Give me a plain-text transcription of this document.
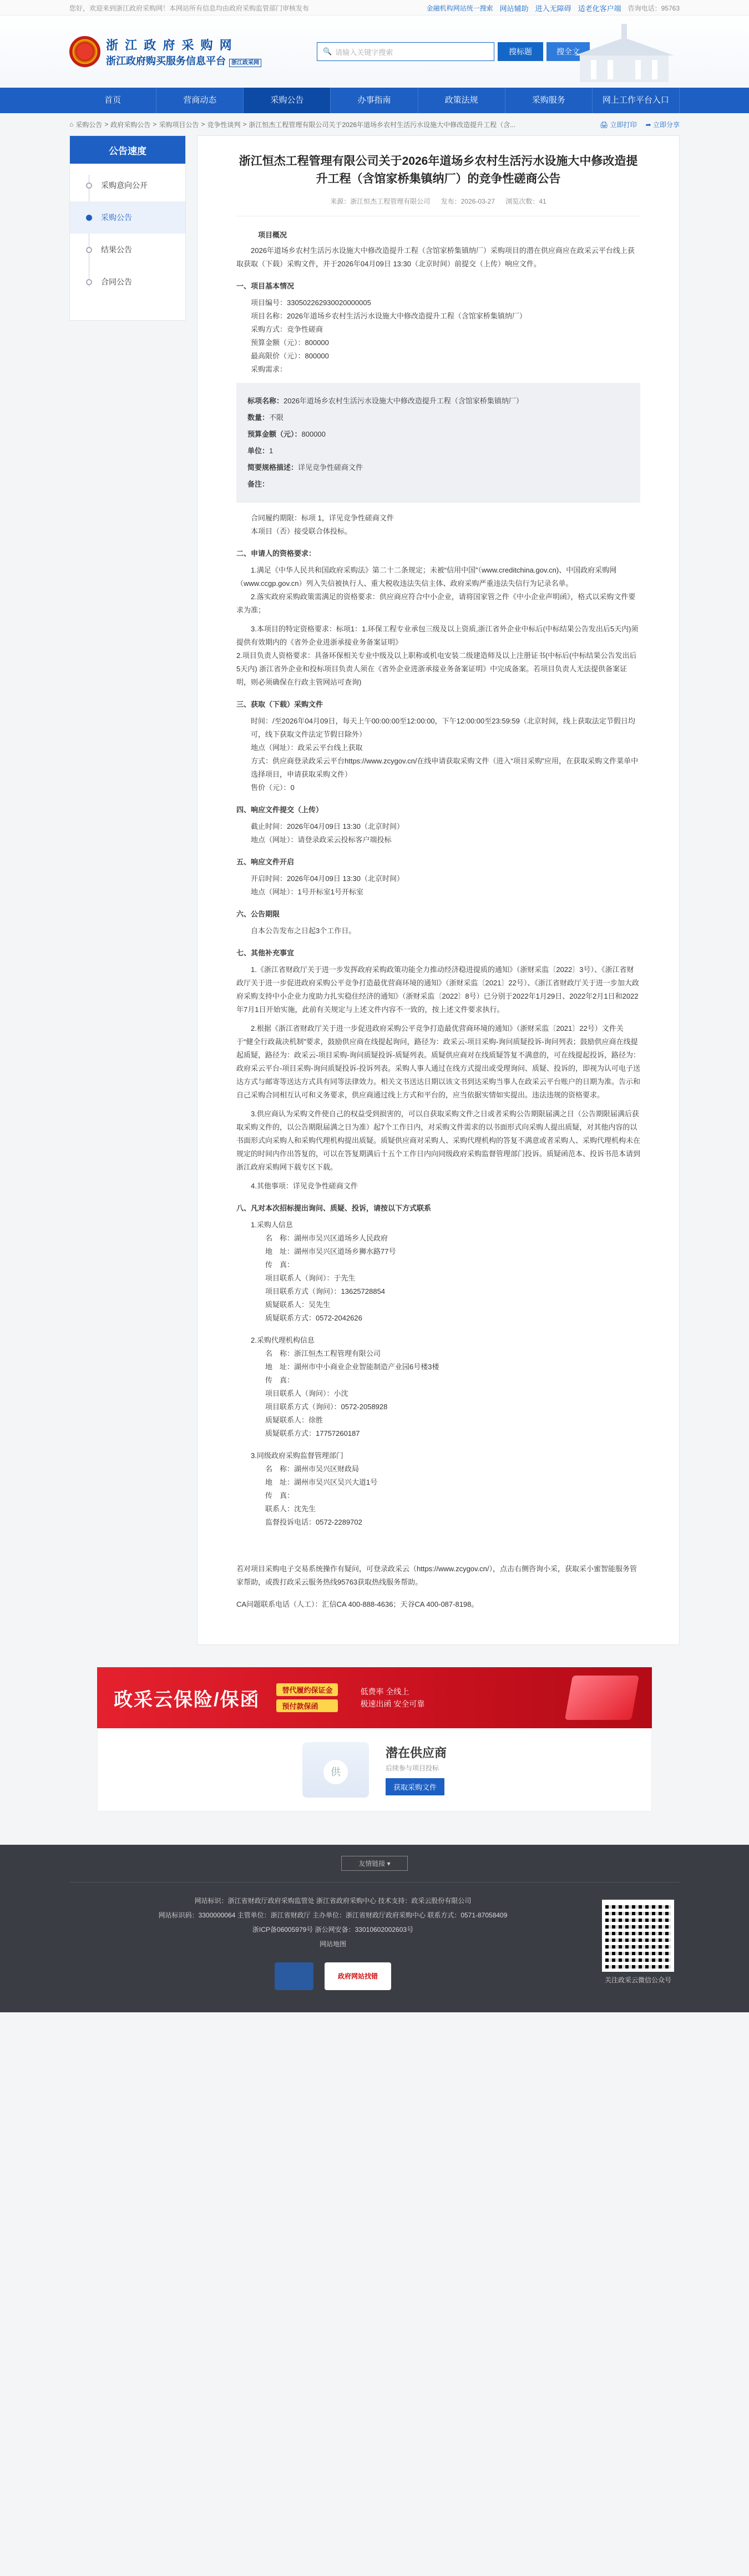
您好，欢迎来到浙江政府采购网！本网站所有信息均由政府采购监管部门审核发布	金融机构网站统一搜索 网站辅助 进入无障碍 适老化客户端 咨询电话：95763
浙 江 政 府 采 购 网
浙江政府购买服务信息平台 浙江政采网
🔍 请输入关键字搜索	搜标题	搜全文
首页	营商动态	采购公告	办事指南	政策法规	采购服务	网上工作平台入口
⌂ 采购公告 > 政府采购公告 > 采购项目公告 > 竞争性谈判 > 浙江恒杰工程管理有限公司关于2026年道场乡农村生活污水设施大中修改造提升工程（含...	🖨 立即打印 ➦ 立即分享
公告速度
采购意向公开
采购公告
结果公告
合同公告
浙江恒杰工程管理有限公司关于2026年道场乡农村生活污水设施大中修改造提升工程（含馆家桥集镇纳厂）的竞争性磋商公告
来源：浙江恒杰工程管理有限公司 发布：2026-03-27 浏览次数：41
项目概况

2026年道场乡农村生活污水设施大中修改造提升工程（含馆家桥集镇纳厂）采购项目的潜在供应商应在政采云平台线上获取获取（下载）采购文件，并于2026年04月09日 13:30（北京时间）前提交（上传）响应文件。

一、项目基本情况
项目编号：330502262930020000005
项目名称：2026年道场乡农村生活污水设施大中修改造提升工程（含馆家桥集镇纳厂）
采购方式：竞争性磋商
预算金额（元）：800000
最高限价（元）：800000
采购需求：
标项名称：2026年道场乡农村生活污水设施大中修改造提升工程（含馆家桥集镇纳厂）
数量：不限
预算金额（元）：800000
单位：1
简要规格描述：详见竞争性磋商文件
备注：
合同履约期限：标项 1，详见竞争性磋商文件
本项目（否）接受联合体投标。
二、申请人的资格要求：

1.满足《中华人民共和国政府采购法》第二十二条规定；未被“信用中国”（www.creditchina.gov.cn)、中国政府采购网（www.ccgp.gov.cn）列入失信被执行人、重大税收违法失信主体、政府采购严重违法失信行为记录名单。

2.落实政府采购政策需满足的资格要求：供应商应符合中小企业，请将国家管之件《中小企业声明函》，格式以采购文件要求为准；

3.本项目的特定资格要求：标项1：1.环保工程专业承包三级及以上资质,浙江省外企业中标后(中标结果公告发出后5天内)须提供有效期内的《省外企业进浙承接业务备案证明》

2.项目负责人资格要求：具备环保相关专业中级及以上职称或机电安装二级建造师及以上注册证书(中标后(中标结果公告发出后5天内) 浙江省外企业和投标项目负责人须在《省外企业进浙承接业务备案证明》中完成备案。若项目负责人无法提供备案证明，则必须确保在行政主管网站可查询)

三、获取（下载）采购文件
时间：/至2026年04月09日，每天上午00:00:00至12:00:00，下午12:00:00至23:59:59（北京时间，线上获取法定节假日均可，线下获取文件法定节假日除外）
地点（网址）：政采云平台线上获取
方式：供应商登录政采云平台https://www.zcygov.cn/在线申请获取采购文件（进入“项目采购”应用，在获取采购文件菜单中选择项目，申请获取采购文件）
售价（元）：0
四、响应文件提交（上传）
截止时间：2026年04月09日 13:30（北京时间）
地点（网址）：请登录政采云投标客户端投标
五、响应文件开启
开启时间：2026年04月09日 13:30（北京时间）
地点（网址）：1号开标室1号开标室
六、公告期限
自本公告发布之日起3个工作日。
七、其他补充事宜

1.《浙江省财政厅关于进一步发挥政府采购政策功能全力推动经济稳进提质的通知》（浙财采监〔2022〕3号）、《浙江省财政厅关于进一步促进政府采购公平竞争打造最优营商环境的通知》（浙财采监〔2021〕22号）、《浙江省财政厅关于进一步加大政府采购支持中小企业力度助力扎实稳住经济的通知》（浙财采监〔2022〕8号）已分别于2022年1月29日、2022年2月1日和2022年7月1日开始实施，此前有关规定与上述文件内容不一致的，按上述文件要求执行。

2.根据《浙江省财政厅关于进一步促进政府采购公平竞争打造最优营商环境的通知》（浙财采监〔2021〕22号）文件关于“健全行政裁决机制”要求，鼓励供应商在线提起询问，路径为：政采云-项目采购-询问质疑投诉-询问列表；鼓励供应商在线提起质疑，路径为：政采云-项目采购-询问质疑投诉-质疑列表。质疑供应商对在线质疑答复不满意的，可在线提起投诉，路径为：政府采云平台-项目采购-询问质疑投诉-投诉列表。采购人事人通过在线方式提出或受理询问、质疑、投诉的，即视为认可电子送达方式与邮寄等送达方式具有同等法律效力。相关文书送达日期以该文书到达采购当事人在政采云平台账户的日期为准。告示和自己采购合同相互认可和义务要求，供应商通过线上方式和平台的，应当依据实情如实提出。违法违规的资格要求。

3.供应商认为采购文件使自己的权益受到损害的，可以自获取采购文件之日或者采购公告期限届满之日（公告期限届满后获取采购文件的，以公告期限届满之日为准）起7个工作日内，对采购文件需求的以书面形式向采购人提出质疑，对其他内容的以书面形式向采购人和采购代理机构提出质疑。质疑供应商对采购人、采购代理机构的答复不满意或者采购人、采购代理机构未在规定的时间内作出答复的，可以在答复期满后十五个工作日内向同级政府采购监督管理部门投诉。质疑函范本、投诉书范本请到浙江政府采购网下载专区下载。

4.其他事项：详见竞争性磋商文件

八、凡对本次招标提出询问、质疑、投诉，请按以下方式联系
1.采购人信息
名　称：湖州市吴兴区道场乡人民政府
地　址：湖州市吴兴区道场乡狮水路77号
传　真：
项目联系人（询问）：于先生
项目联系方式（询问）：13625728854
质疑联系人：吴先生
质疑联系方式：0572-2042626
2.采购代理机构信息
名　称：浙江恒杰工程管理有限公司
地　址：湖州市中小商业企业智能制造产业园6号楼3楼
传　真：
项目联系人（询问）：小沈
项目联系方式（询问）：0572-2058928
质疑联系人：徐胜
质疑联系方式：17757260187
3.同级政府采购监督管理部门
名　称：湖州市吴兴区财政局
地　址：湖州市吴兴区吴兴大道1号
传　真：
联系人：沈先生
监督投诉电话：0572-2289702

若对项目采购电子交易系统操作有疑问，可登录政采云（https://www.zcygov.cn/），点击右侧咨询小采，获取采小蜜智能服务管家帮助，或拨打政采云服务热线95763获取热线服务帮助。

CA问题联系电话（人工）：汇信CA 400-888-4636；天谷CA 400-087-8198。

政采云保险/保函	替代履约保证金
预付款保函
低费率 全线上
极速出函 安全可靠
供
潜在供应商
后续参与项目投标
获取采购文件
友情链接 ▾
网站标识：浙江省财政厅政府采购监管处 浙江省政府采购中心 技术支持：政采云股份有限公司
网站标识码：3300000064 主管单位：浙江省财政厅 主办单位：浙江省财政厅政府采购中心 联系方式：0571-87058409
浙ICP备06005979号 浙公网安备：33010602002603号
网站地图
政府网站找错	关注政采云微信公众号
